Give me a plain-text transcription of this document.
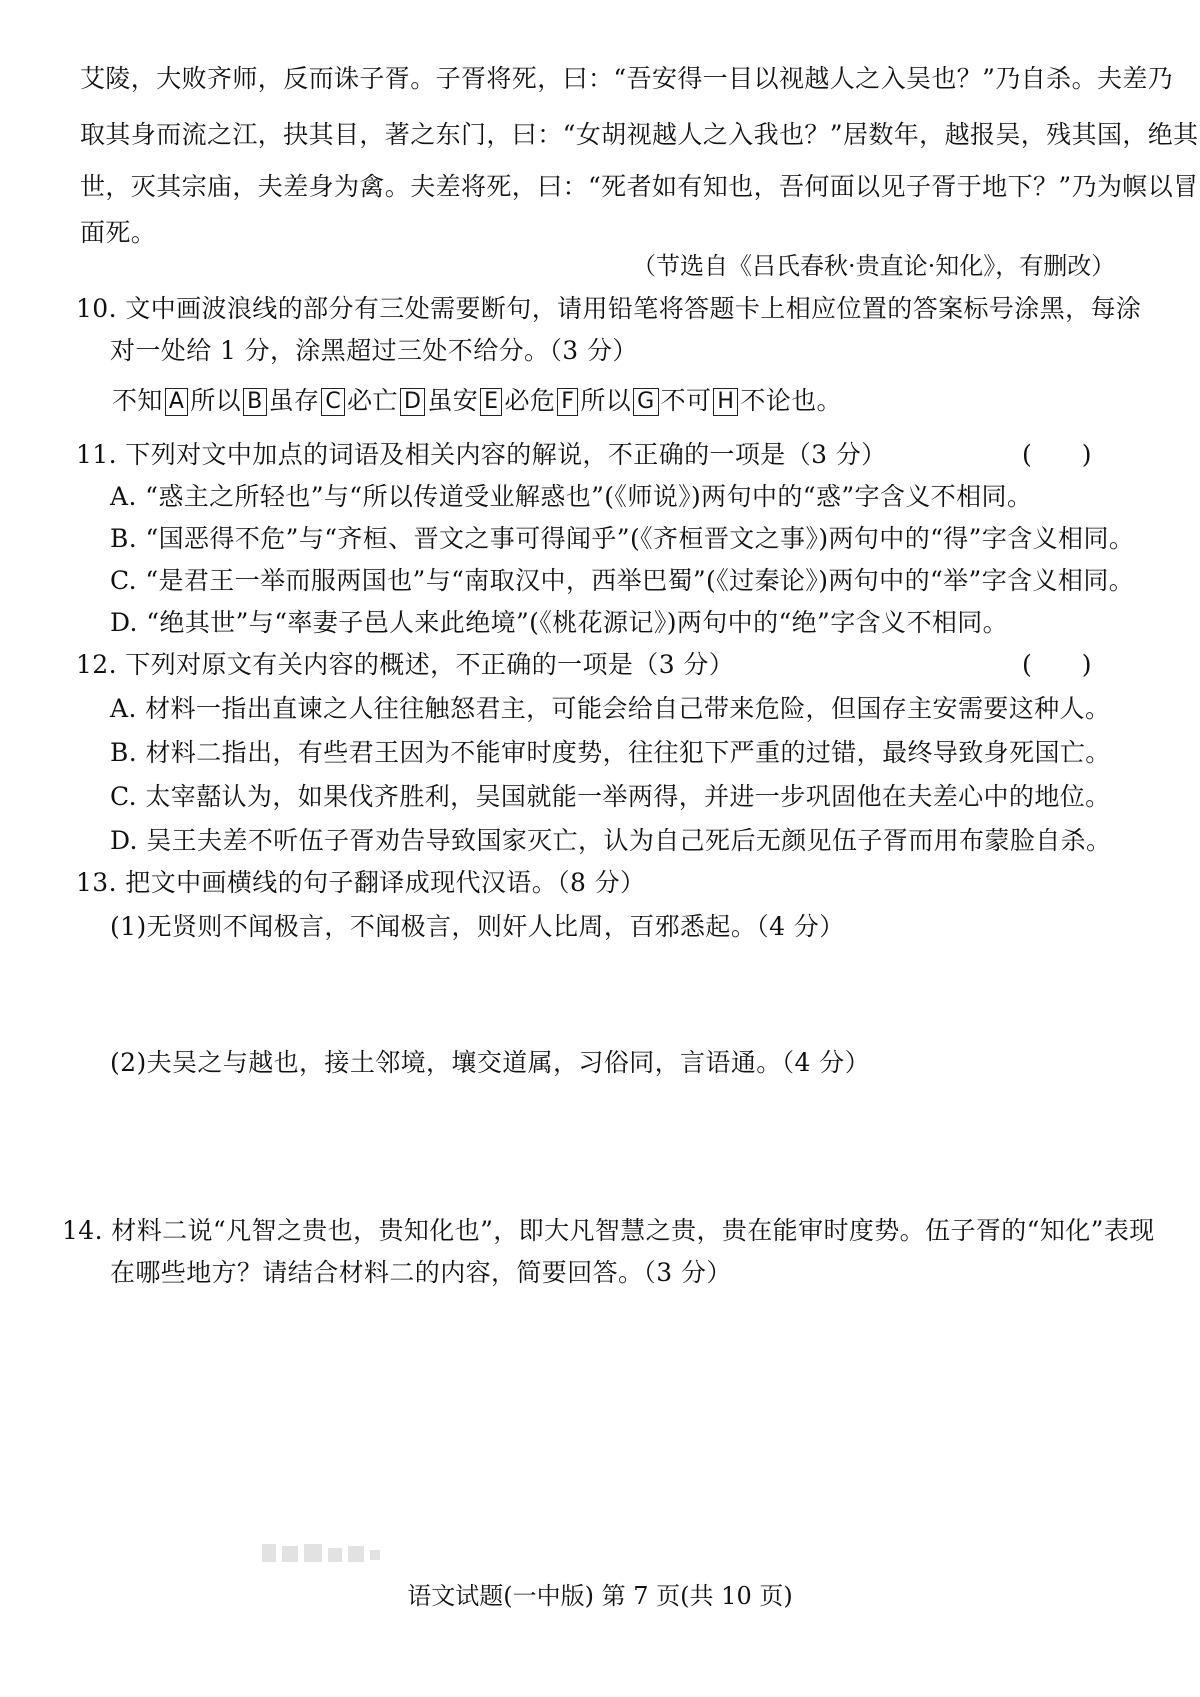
艾陵，大败齐师，反而诛子胥。子胥将死，曰：“吾安得一目以视越人之入吴也？”乃自杀。夫差乃
取其身而流之江，抉其目，著之东门，曰：“女胡视越人之入我也？”居数年，越报吴，残其国，绝其
世，灭其宗庙，夫差身为禽。夫差将死，曰：“死者如有知也，吾何面以见子胥于地下？”乃为幎以冒
面死。
（节选自《吕氏春秋·贵直论·知化》，有删改）
10. 文中画波浪线的部分有三处需要断句，请用铅笔将答题卡上相应位置的答案标号涂黑，每涂
对一处给 1 分，涂黑超过三处不给分。（3 分）
不知 A 所以 B 虽存 C 必亡 D 虽安 E 必危 F 所以 G 不可 H 不论也。
11. 下列对文中加点的词语及相关内容的解说，不正确的一项是（3 分）	(　　)
A. “惑主之所轻也”与“所以传道受业解惑也”(《师说》)两句中的“惑”字含义不相同。
B. “国恶得不危”与“齐桓、晋文之事可得闻乎”(《齐桓晋文之事》)两句中的“得”字含义相同。
C. “是君王一举而服两国也”与“南取汉中，西举巴蜀”(《过秦论》)两句中的“举”字含义相同。
D. “绝其世”与“率妻子邑人来此绝境”(《桃花源记》)两句中的“绝”字含义不相同。
12. 下列对原文有关内容的概述，不正确的一项是（3 分）	(　　)
A. 材料一指出直谏之人往往触怒君主，可能会给自己带来危险，但国存主安需要这种人。
B. 材料二指出，有些君王因为不能审时度势，往往犯下严重的过错，最终导致身死国亡。
C. 太宰嚭认为，如果伐齐胜利，吴国就能一举两得，并进一步巩固他在夫差心中的地位。
D. 吴王夫差不听伍子胥劝告导致国家灭亡，认为自己死后无颜见伍子胥而用布蒙脸自杀。
13. 把文中画横线的句子翻译成现代汉语。（8 分）
(1)无贤则不闻极言，不闻极言，则奸人比周，百邪悉起。（4 分）
(2)夫吴之与越也，接土邻境，壤交道属，习俗同，言语通。（4 分）
14. 材料二说“凡智之贵也，贵知化也”，即大凡智慧之贵，贵在能审时度势。伍子胥的“知化”表现
在哪些地方？请结合材料二的内容，简要回答。（3 分）
语文试题(一中版) 第 7 页(共 10 页)
